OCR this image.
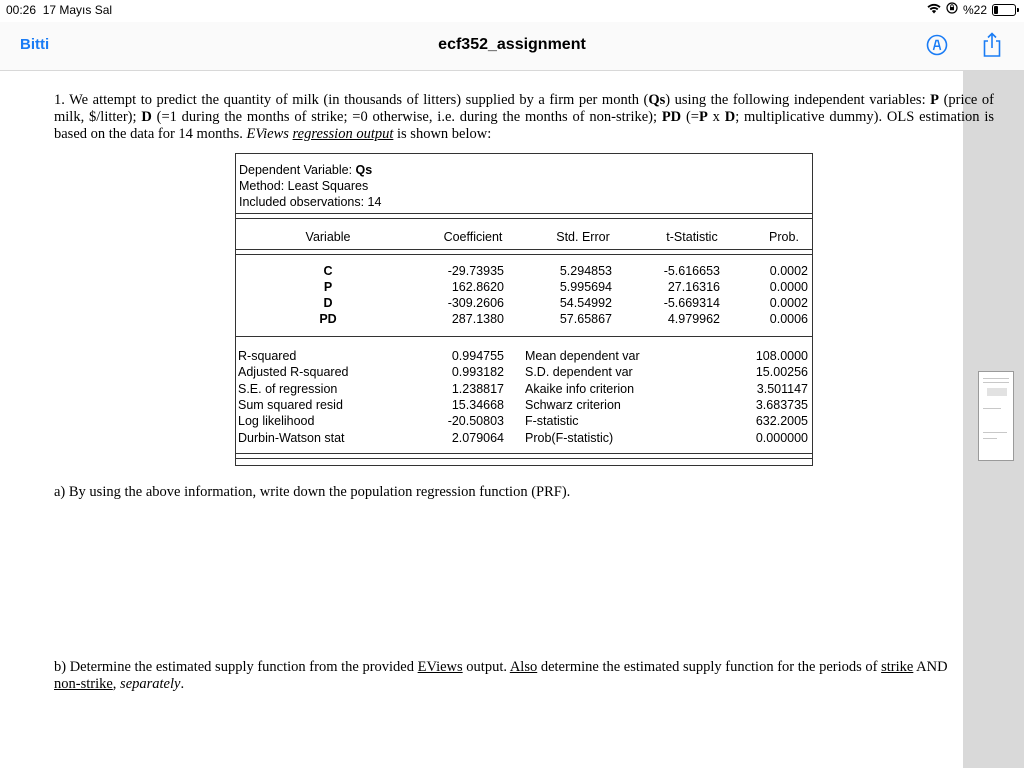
00:26 17 Mayıs Sal	%22
Bitti	ecf352_assignment
1. We attempt to predict the quantity of milk (in thousands of litters) supplied by a firm per month (Qs) using the following independent variables: P (price of milk, $/litter); D (=1 during the months of strike; =0 otherwise, i.e. during the months of non-strike); PD (=P x D; multiplicative dummy). OLS estimation is based on the data for 14 months. EViews regression output is shown below:
Dependent Variable: Qs
Method: Least Squares
Included observations: 14
Variable	Coefficient	Std. Error	t-Statistic	Prob.
C	-29.73935	5.294853	-5.616653	0.0002
P	162.8620	5.995694	27.16316	0.0000
D	-309.2606	54.54992	-5.669314	0.0002
PD	287.1380	57.65867	4.979962	0.0006
R-squared	0.994755 Mean dependent var	108.0000
Adjusted R-squared	0.993182 S.D. dependent var	15.00256
S.E. of regression	1.238817 Akaike info criterion	3.501147
Sum squared resid	15.34668 Schwarz criterion	3.683735
Log likelihood	-20.50803 F-statistic	632.2005
Durbin-Watson stat	2.079064 Prob(F-statistic)	0.000000
a) By using the above information, write down the population regression function (PRF).
b) Determine the estimated supply function from the provided EViews output. Also determine the estimated supply function for the periods of strike AND non-strike, separately.
